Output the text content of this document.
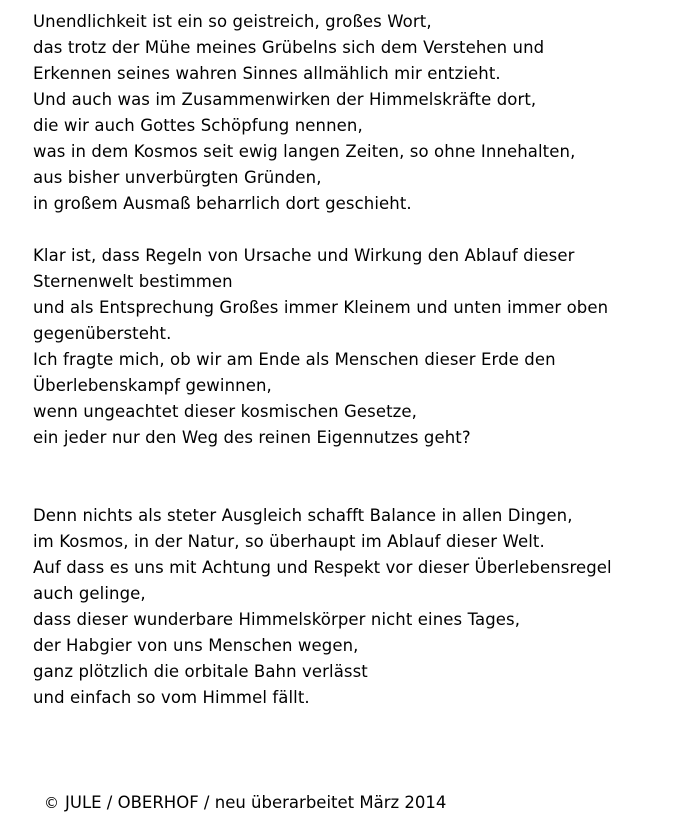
Unendlichkeit ist ein so geistreich, großes Wort,
das trotz der Mühe meines Grübelns sich dem Verstehen und
Erkennen seines wahren Sinnes allmählich mir entzieht.
Und auch was im Zusammenwirken der Himmelskräfte dort,
die wir auch Gottes Schöpfung nennen,
was in dem Kosmos seit ewig langen Zeiten, so ohne Innehalten,
aus bisher unverbürgten Gründen,
in großem Ausmaß beharrlich dort geschieht.
Klar ist, dass Regeln von Ursache und Wirkung den Ablauf dieser
Sternenwelt bestimmen
und als Entsprechung Großes immer Kleinem und unten immer oben
gegenübersteht.
Ich fragte mich, ob wir am Ende als Menschen dieser Erde den
Überlebenskampf gewinnen,
wenn ungeachtet dieser kosmischen Gesetze,
ein jeder nur den Weg des reinen Eigennutzes geht?
Denn nichts als steter Ausgleich schafft Balance in allen Dingen,
im Kosmos, in der Natur, so überhaupt im Ablauf dieser Welt.
Auf dass es uns mit Achtung und Respekt vor dieser Überlebensregel
auch gelinge,
dass dieser wunderbare Himmelskörper nicht eines Tages,
der Habgier von uns Menschen wegen,
ganz plötzlich die orbitale Bahn verlässt
und einfach so vom Himmel fällt.
© JULE / OBERHOF / neu überarbeitet März 2014
